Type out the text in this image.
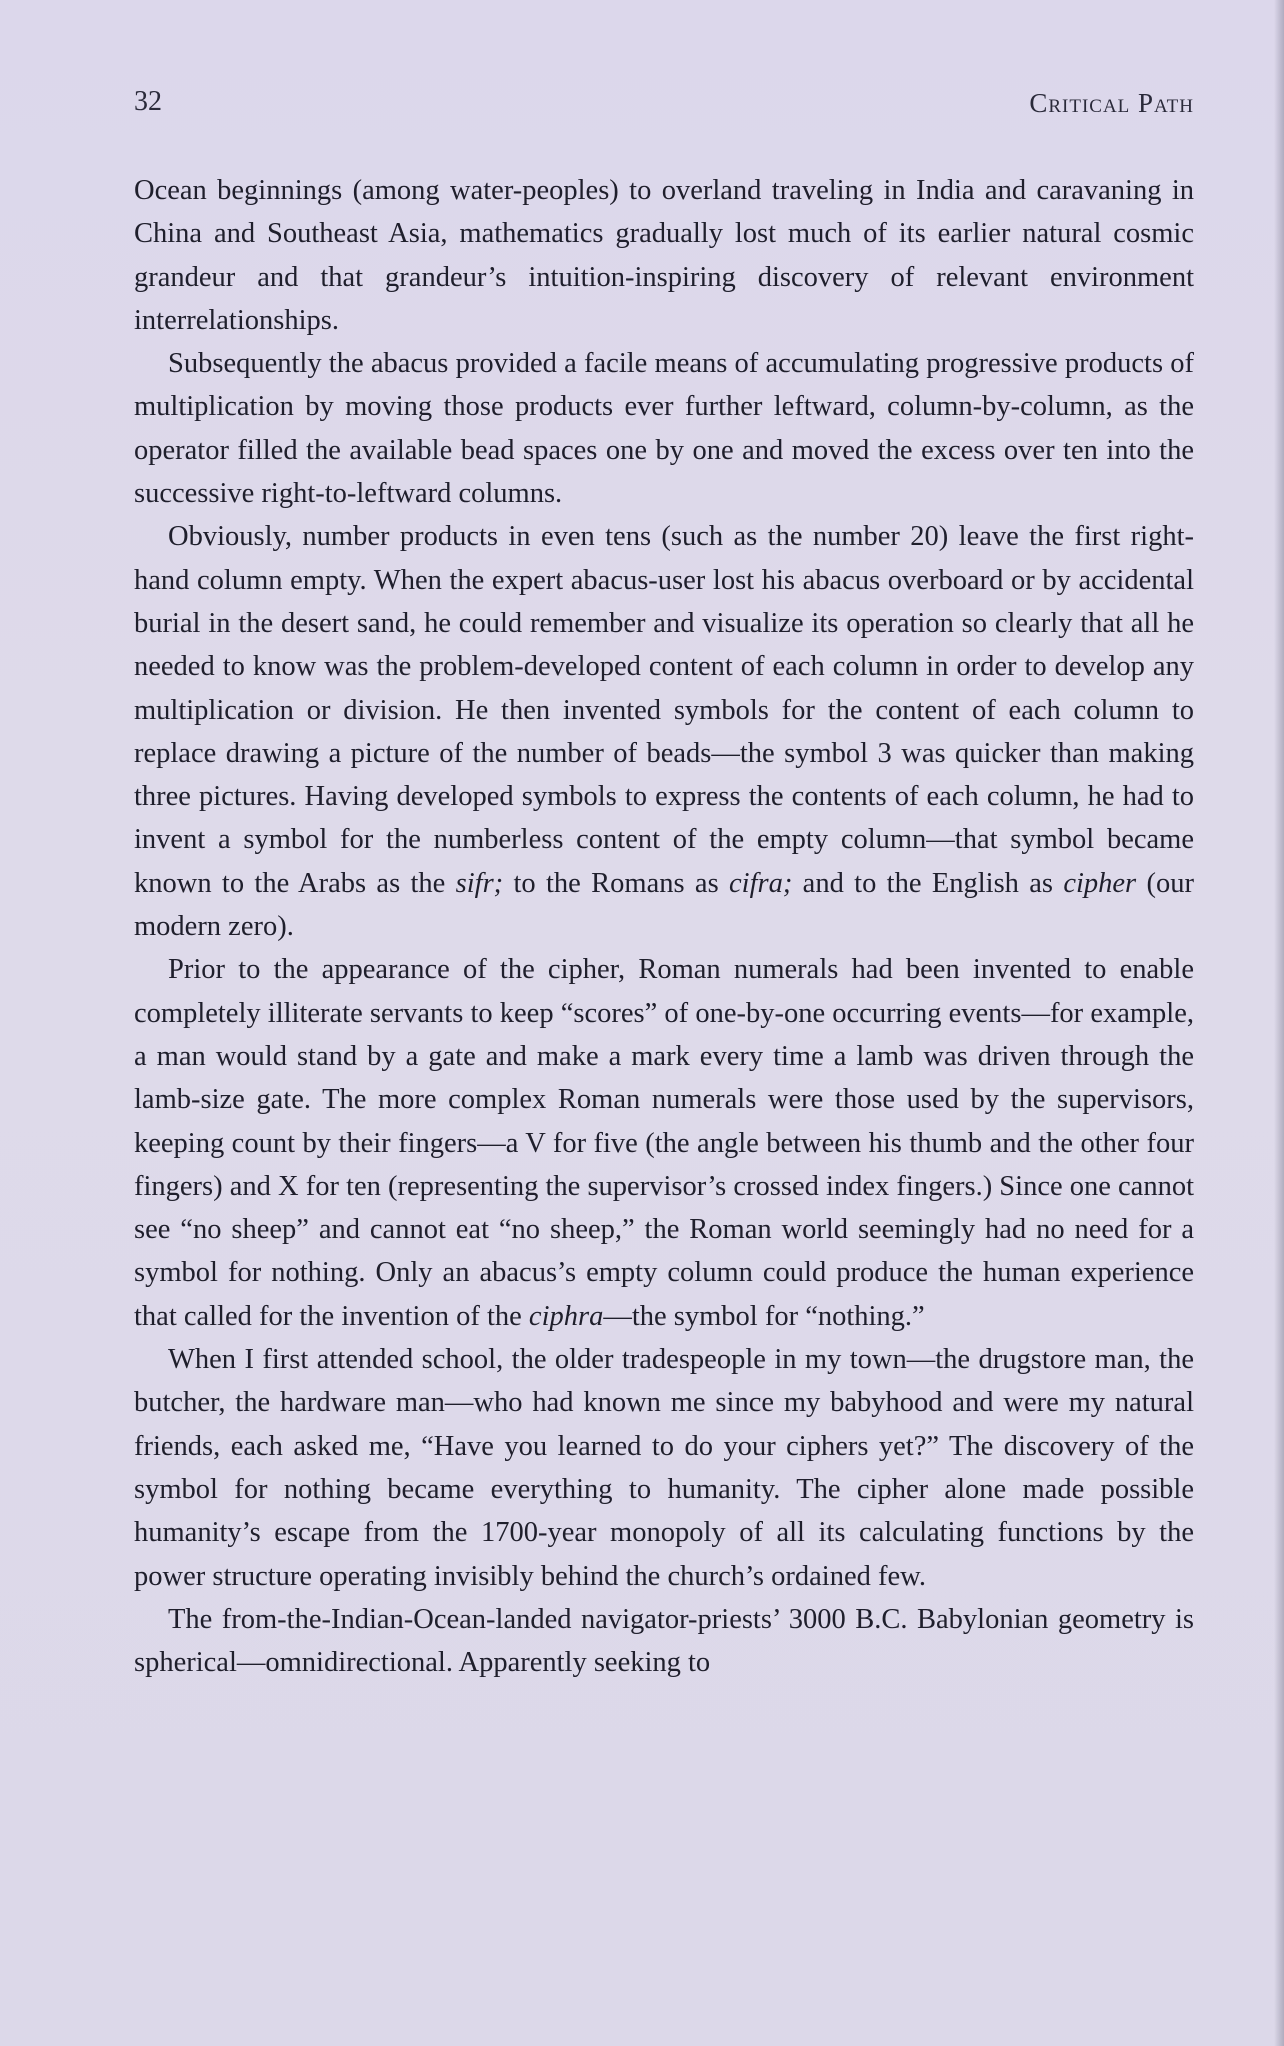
32	Critical Path

Ocean beginnings (among water-peoples) to overland traveling in India and caravaning in China and Southeast Asia, mathematics gradually lost much of its earlier natural cosmic grandeur and that grandeur’s intuition-inspiring discovery of relevant environment interrelationships.

Subsequently the abacus provided a facile means of accumulating progressive products of multiplication by moving those products ever further leftward, column-by-column, as the operator filled the available bead spaces one by one and moved the excess over ten into the successive right-to-leftward columns.

Obviously, number products in even tens (such as the number 20) leave the first right-hand column empty. When the expert abacus-user lost his abacus overboard or by accidental burial in the desert sand, he could remember and visualize its operation so clearly that all he needed to know was the problem-developed content of each column in order to develop any multiplication or division. He then invented symbols for the content of each column to replace drawing a picture of the number of beads—the symbol 3 was quicker than making three pictures. Having developed symbols to express the contents of each column, he had to invent a symbol for the numberless content of the empty column—that symbol became known to the Arabs as the sifr; to the Romans as cifra; and to the English as cipher (our modern zero).

Prior to the appearance of the cipher, Roman numerals had been invented to enable completely illiterate servants to keep “scores” of one-by-one occurring events—for example, a man would stand by a gate and make a mark every time a lamb was driven through the lamb-size gate. The more complex Roman numerals were those used by the supervisors, keeping count by their fingers—a V for five (the angle between his thumb and the other four fingers) and X for ten (representing the supervisor’s crossed index fingers.) Since one cannot see “no sheep” and cannot eat “no sheep,” the Roman world seemingly had no need for a symbol for nothing. Only an abacus’s empty column could produce the human experience that called for the invention of the ciphra—the symbol for “nothing.”

When I first attended school, the older tradespeople in my town—the drugstore man, the butcher, the hardware man—who had known me since my babyhood and were my natural friends, each asked me, “Have you learned to do your ciphers yet?” The discovery of the symbol for nothing became everything to humanity. The cipher alone made possible humanity’s escape from the 1700-year monopoly of all its calculating functions by the power structure operating invisibly behind the church’s ordained few.

The from-the-Indian-Ocean-landed navigator-priests’ 3000 B.C. Babylonian geometry is spherical—omnidirectional. Apparently seeking to
